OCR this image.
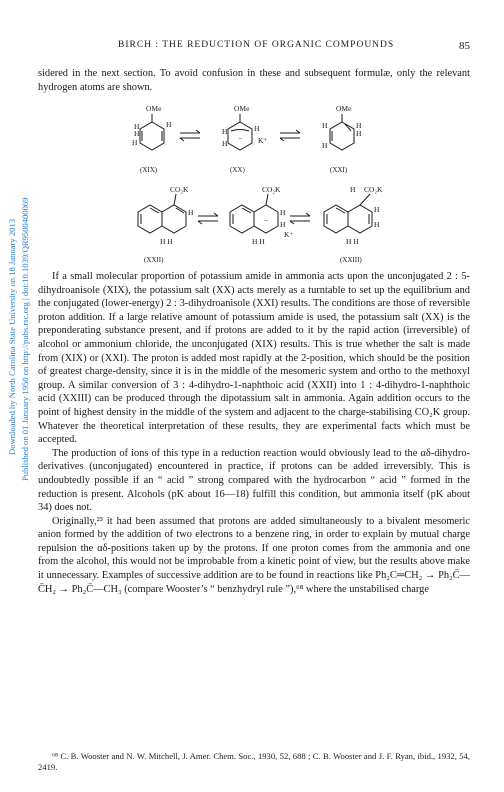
BIRCH : THE REDUCTION OF ORGANIC COMPOUNDS	85
Downloaded by North Carolina State University on 18 January 2013 Published on 01 January 1950 on http://pubs.rsc.org | doi:10.1039/QR9500400069

sidered in the next section. To avoid confusion in these and subsequent formulæ, only the relevant hydrogen atoms are shown.

OMe	OMe	OMe
H
H
H
H
H
H
H
− K⁺
H
H
H
H
(XIX)	(XX)	(XXI)
CO₂K	CO₂K	H CO₂K
H
H H
H
H
−
H H
K⁺
H
H
H H
(XXII)	(XXIII)

If a small molecular proportion of potassium amide in ammonia acts upon the unconjugated 2 : 5-dihydroanisole (XIX), the potassium salt (XX) acts merely as a turntable to set up the equilibrium and the conjugated (lower-energy) 2 : 3-dihydroanisole (XXI) results. The conditions are those of reversible proton addition. If a large relative amount of potassium amide is used, the potassium salt (XX) is the preponderating substance present, and if protons are added to it by the rapid action (irreversible) of alcohol or ammonium chloride, the unconjugated (XIX) results. This is true whether the salt is made from (XIX) or (XXI). The proton is added most rapidly at the 2-position, which should be the position of greatest charge-density, since it is in the middle of the mesomeric system and ortho to the methoxyl group. A similar conversion of 3 : 4-dihydro-1-naphthoic acid (XXII) into 1 : 4-dihydro-1-naphthoic acid (XXIII) can be produced through the dipotassium salt in ammonia. Again addition occurs to the point of highest density in the middle of the system and adjacent to the charge-stabilising CO₂K group. Whatever the theoretical interpretation of these results, they are experimental facts which must be accepted.

The production of ions of this type in a reduction reaction would obviously lead to the αδ-dihydro-derivatives (unconjugated) encountered in practice, if protons can be added irreversibly. This is undoubtedly possible if an “ acid ” strong compared with the hydrocarbon “ acid ” formed in the reduction is present. Alcohols (pK about 16—18) fulfill this condition, but ammonia itself (pK about 34) does not.

Originally,²³ it had been assumed that protons are added simultaneously to a bivalent mesomeric anion formed by the addition of two electrons to a benzene ring, in order to explain by mutual charge repulsion the αδ-positions taken up by the protons. If one proton comes from the ammonia and one from the alcohol, this would not be improbable from a kinetic point of view, but the results above make it unnecessary. Examples of successive addition are to be found in reactions like Ph₂C═CH₂ → Ph₂C̄—C̄H₂ → Ph₂C̄—CH₃ (compare Wooster’s “ benzhydryl rule ”),⁶⁸ where the unstabilised charge

⁶⁸ C. B. Wooster and N. W. Mitchell, J. Amer. Chem. Soc., 1930, 52, 688 ; C. B. Wooster and J. F. Ryan, ibid., 1932, 54, 2419.
